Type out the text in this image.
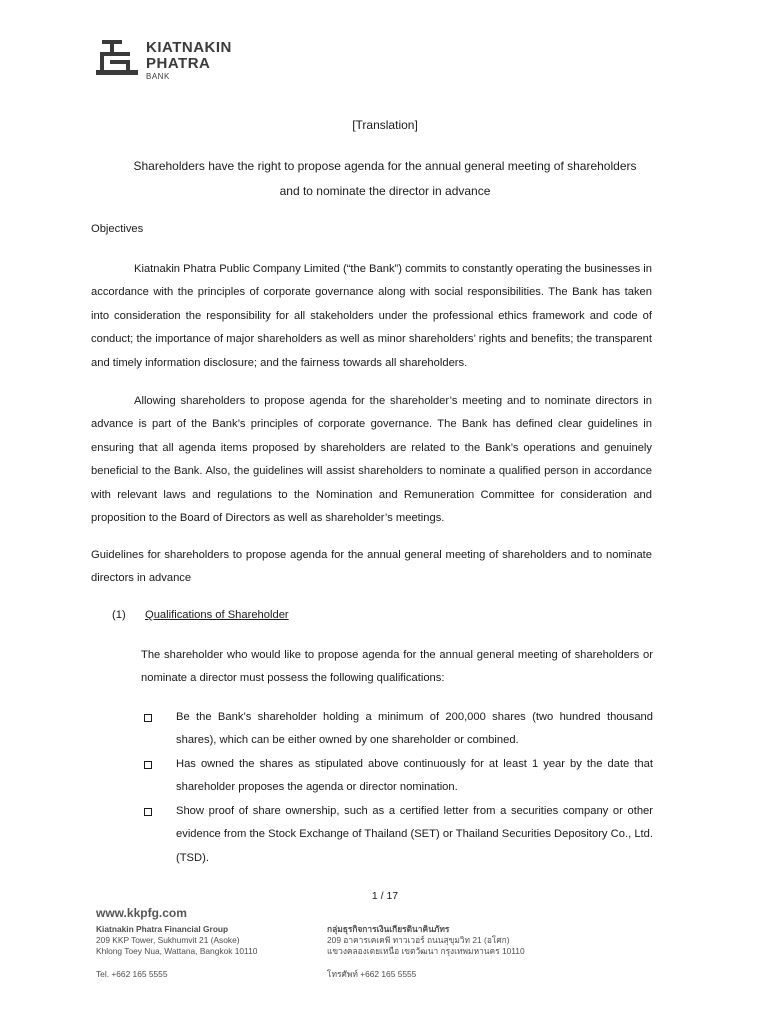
KIATNAKIN
PHATRA
BANK
[Translation]
Shareholders have the right to propose agenda for the annual general meeting of shareholders
and to nominate the director in advance
Objectives
Kiatnakin Phatra Public Company Limited (“the Bank”) commits to constantly operating the businesses in accordance with the principles of corporate governance along with social responsibilities. The Bank has taken into consideration the responsibility for all stakeholders under the professional ethics framework and code of conduct; the importance of major shareholders as well as minor shareholders’ rights and benefits; the transparent and timely information disclosure; and the fairness towards all shareholders.
Allowing shareholders to propose agenda for the shareholder’s meeting and to nominate directors in advance is part of the Bank’s principles of corporate governance. The Bank has defined clear guidelines in ensuring that all agenda items proposed by shareholders are related to the Bank’s operations and genuinely beneficial to the Bank. Also, the guidelines will assist shareholders to nominate a qualified person in accordance with relevant laws and regulations to the Nomination and Remuneration Committee for consideration and proposition to the Board of Directors as well as shareholder’s meetings.
Guidelines for shareholders to propose agenda for the annual general meeting of shareholders and to nominate directors in advance
(1) Qualifications of Shareholder
The shareholder who would like to propose agenda for the annual general meeting of shareholders or nominate a director must possess the following qualifications:
Be the Bank’s shareholder holding a minimum of 200,000 shares (two hundred thousand shares), which can be either owned by one shareholder or combined.
Has owned the shares as stipulated above continuously for at least 1 year by the date that shareholder proposes the agenda or director nomination.
Show proof of share ownership, such as a certified letter from a securities company or other evidence from the Stock Exchange of Thailand (SET) or Thailand Securities Depository Co., Ltd. (TSD).
1 / 17
www.kkpfg.com
Kiatnakin Phatra Financial Group
209 KKP Tower, Sukhumvit 21 (Asoke)
Khlong Toey Nua, Wattana, Bangkok 10110
Tel. +662 165 5555
กลุ่มธุรกิจการเงินเกียรตินาคินภัทร
209 อาคารเคเคพี ทาวเวอร์ ถนนสุขุมวิท 21 (อโศก)
แขวงคลองเตยเหนือ เขตวัฒนา กรุงเทพมหานคร 10110
โทรศัพท์ +662 165 5555
